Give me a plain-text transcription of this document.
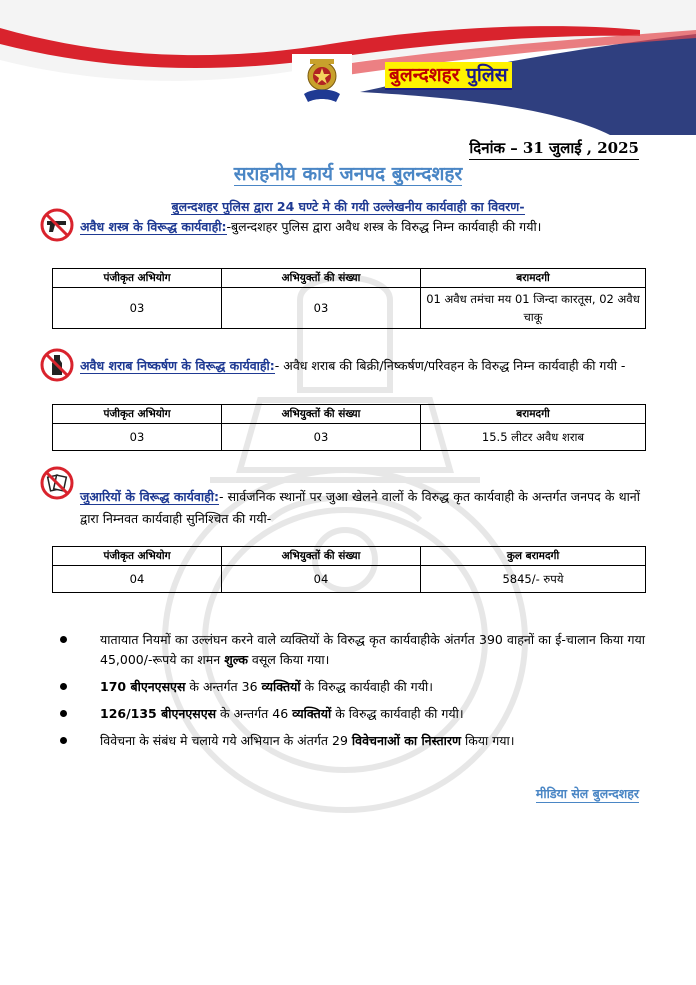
बुलन्दशहर पुलिस
दिनांक – 31 जुलाई , 2025
सराहनीय कार्य जनपद बुलन्दशहर
बुलन्दशहर पुलिस द्वारा 24 घण्टे मे की गयी उल्लेखनीय कार्यवाही का विवरण-
अवैध शस्त्र के विरूद्ध कार्यवाही:-बुलन्दशहर पुलिस द्वारा अवैध शस्त्र के विरुद्ध निम्न कार्यवाही की गयी।
पंजीकृत अभियोग	अभियुक्तों की संख्या	बरामदगी
03	03	01 अवैध तमंचा मय 01 जिन्दा कारतूस, 02 अवैध चाकू
अवैध शराब निष्कर्षण के विरूद्ध कार्यवाही:- अवैध शराब की बिक्री/निष्कर्षण/परिवहन के विरुद्ध निम्न कार्यवाही की गयी -
पंजीकृत अभियोग	अभियुक्तों की संख्या	बरामदगी
03	03	15.5 लीटर अवैध शराब
जुआरियों के विरूद्ध कार्यवाही:- सार्वजनिक स्थानों पर जुआ खेलने वालों के विरुद्ध कृत कार्यवाही के अन्तर्गत जनपद के थानों द्वारा निम्नवत कार्यवाही सुनिश्चित की गयी-
पंजीकृत अभियोग	अभियुक्तों की संख्या	कुल बरामदगी
04	04	5845/- रुपये
यातायात नियमों का उल्लंघन करने वाले व्यक्तियों के विरुद्ध कृत कार्यवाहीके अंतर्गत 390 वाहनों का ई-चालान किया गया 45,000/-रूपये का शमन शुल्क वसूल किया गया।
170 बीएनएसएस के अन्तर्गत 36 व्यक्तियों के विरुद्ध कार्यवाही की गयी।
126/135 बीएनएसएस के अन्तर्गत 46 व्यक्तियों के विरुद्ध कार्यवाही की गयी।
विवेचना के संबंध मे चलाये गये अभियान के अंतर्गत 29 विवेचनाओं का निस्तारण किया गया।
मीडिया सेल बुलन्दशहर
